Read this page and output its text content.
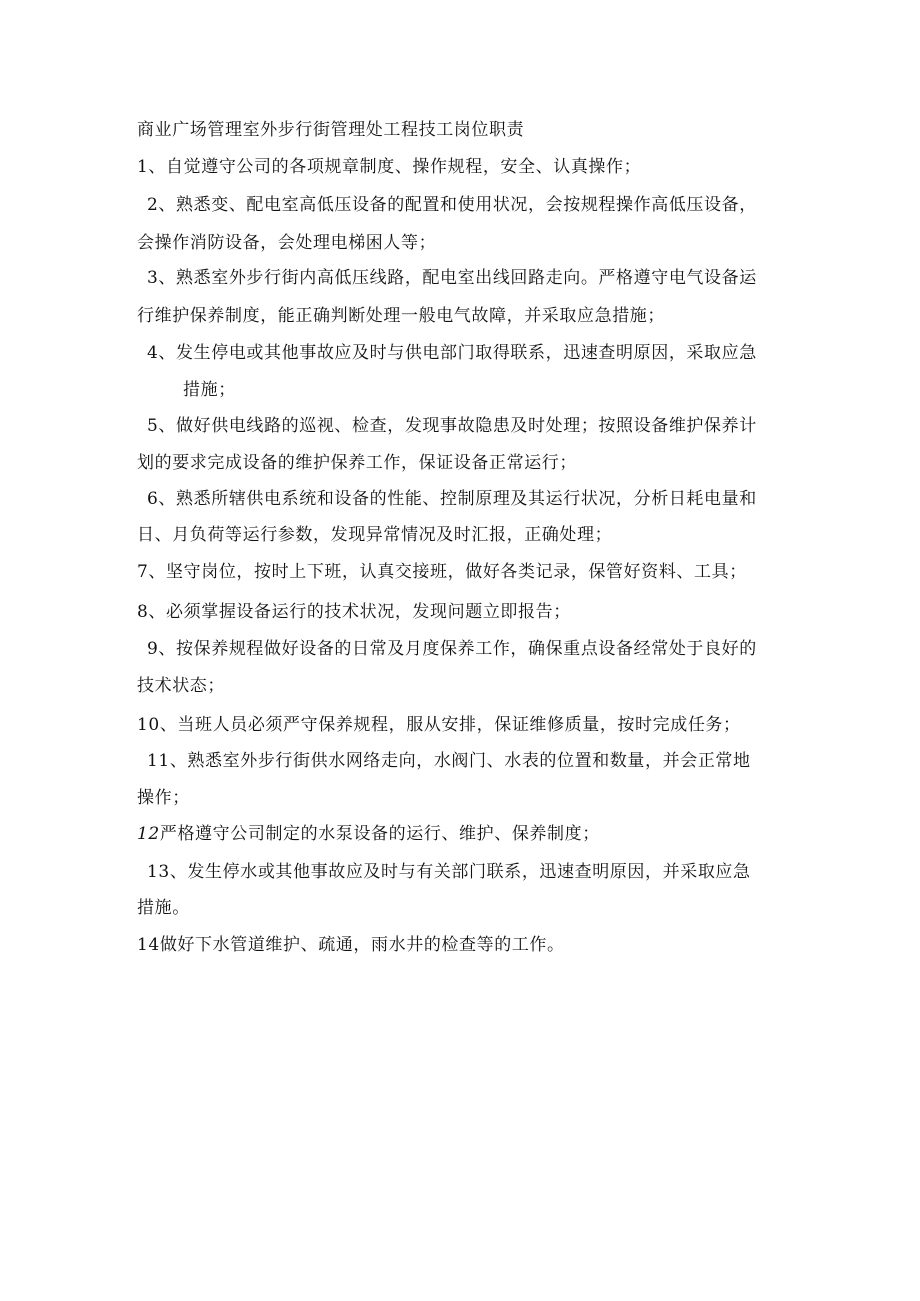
商业广场管理室外步行街管理处工程技工岗位职责
1、自觉遵守公司的各项规章制度、操作规程，安全、认真操作；
2、熟悉变、配电室高低压设备的配置和使用状况，会按规程操作高低压设备，
会操作消防设备，会处理电梯困人等；
3、熟悉室外步行街内高低压线路，配电室出线回路走向。严格遵守电气设备运
行维护保养制度，能正确判断处理一般电气故障，并采取应急措施；
4、发生停电或其他事故应及时与供电部门取得联系，迅速查明原因，采取应急
措施；
5、做好供电线路的巡视、检查，发现事故隐患及时处理；按照设备维护保养计
划的要求完成设备的维护保养工作，保证设备正常运行；
6、熟悉所辖供电系统和设备的性能、控制原理及其运行状况，分析日耗电量和
日、月负荷等运行参数，发现异常情况及时汇报，正确处理；
7、坚守岗位，按时上下班，认真交接班，做好各类记录，保管好资料、工具；
8、必须掌握设备运行的技术状况，发现问题立即报告；
9、按保养规程做好设备的日常及月度保养工作，确保重点设备经常处于良好的
技术状态；
10、当班人员必须严守保养规程，服从安排，保证维修质量，按时完成任务；
11、熟悉室外步行街供水网络走向，水阀门、水表的位置和数量，并会正常地
操作；
12严格遵守公司制定的水泵设备的运行、维护、保养制度；
13、发生停水或其他事故应及时与有关部门联系，迅速查明原因，并采取应急
措施。
14做好下水管道维护、疏通，雨水井的检查等的工作。
